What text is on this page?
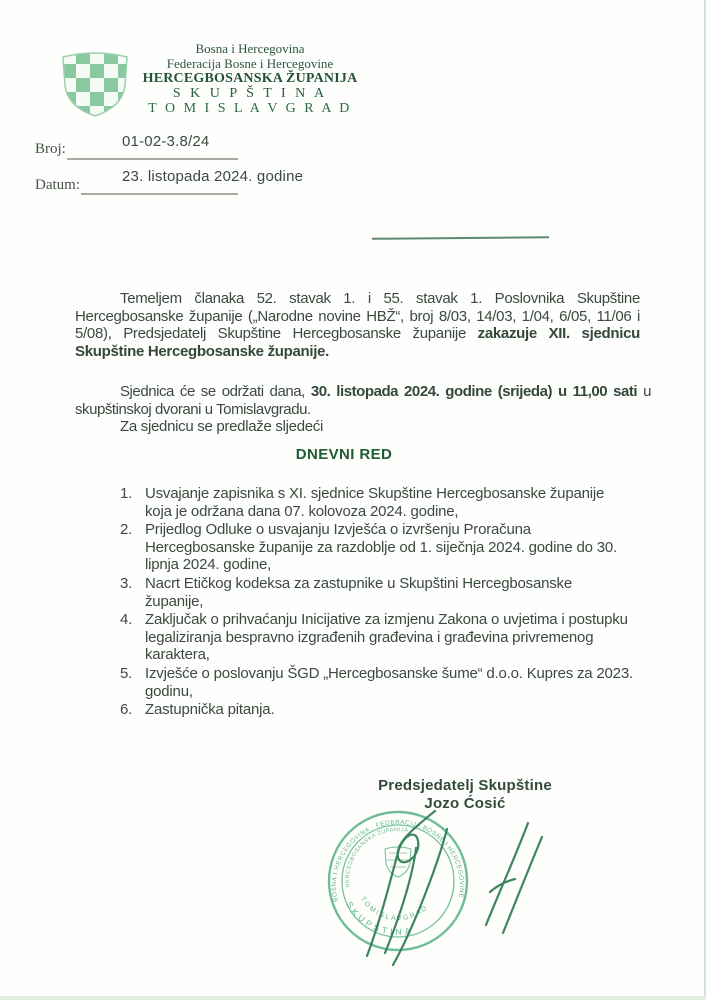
Bosna i Hercegovina
Federacija Bosne i Hercegovine
HERCEGBOSANSKA ŽUPANIJA
S K U P Š T I N A
T O M I S L A V G R A D
Broj:	01-02-3.8/24
Datum:	23. listopada 2024. godine
Temeljem članaka 52. stavak 1. i 55. stavak 1. Poslovnika Skupštine Hercegbosanske županije („Narodne novine HBŽ“, broj 8/03, 14/03, 1/04, 6/05, 11/06 i 5/08), Predsjedatelj Skupštine Hercegbosanske županije zakazuje XII. sjednicu Skupštine Hercegbosanske županije.
Sjednica će se održati dana, 30. listopada 2024. godine (srijeda) u 11,00 sati u skupštinskoj dvorani u Tomislavgradu.
Za sjednicu se predlaže sljedeći
DNEVNI RED
1. Usvajanje zapisnika s XI. sjednice Skupštine Hercegbosanske županije koja je održana dana 07. kolovoza 2024. godine,
2. Prijedlog Odluke o usvajanju Izvješća o izvršenju Proračuna Hercegbosanske županije za razdoblje od 1. siječnja 2024. godine do 30. lipnja 2024. godine,
3. Nacrt Etičkog kodeksa za zastupnike u Skupštini Hercegbosanske županije,
4. Zaključak o prihvaćanju Inicijative za izmjenu Zakona o uvjetima i postupku legaliziranja bespravno izgrađenih građevina i građevina privremenog karaktera,
5. Izvješće o poslovanju ŠGD „Hercegbosanske šume“ d.o.o. Kupres za 2023. godinu,
6. Zastupnička pitanja.
Predsjedatelj Skupštine
Jozo Ćosić
BOSNA I HERCEGOVINA · FEDERACIJA BOSNE I HERCEGOVINE
HERCEGBOSANSKA ŽUPANIJA
TOMISLAVGRAD
SKUPŠTINA
